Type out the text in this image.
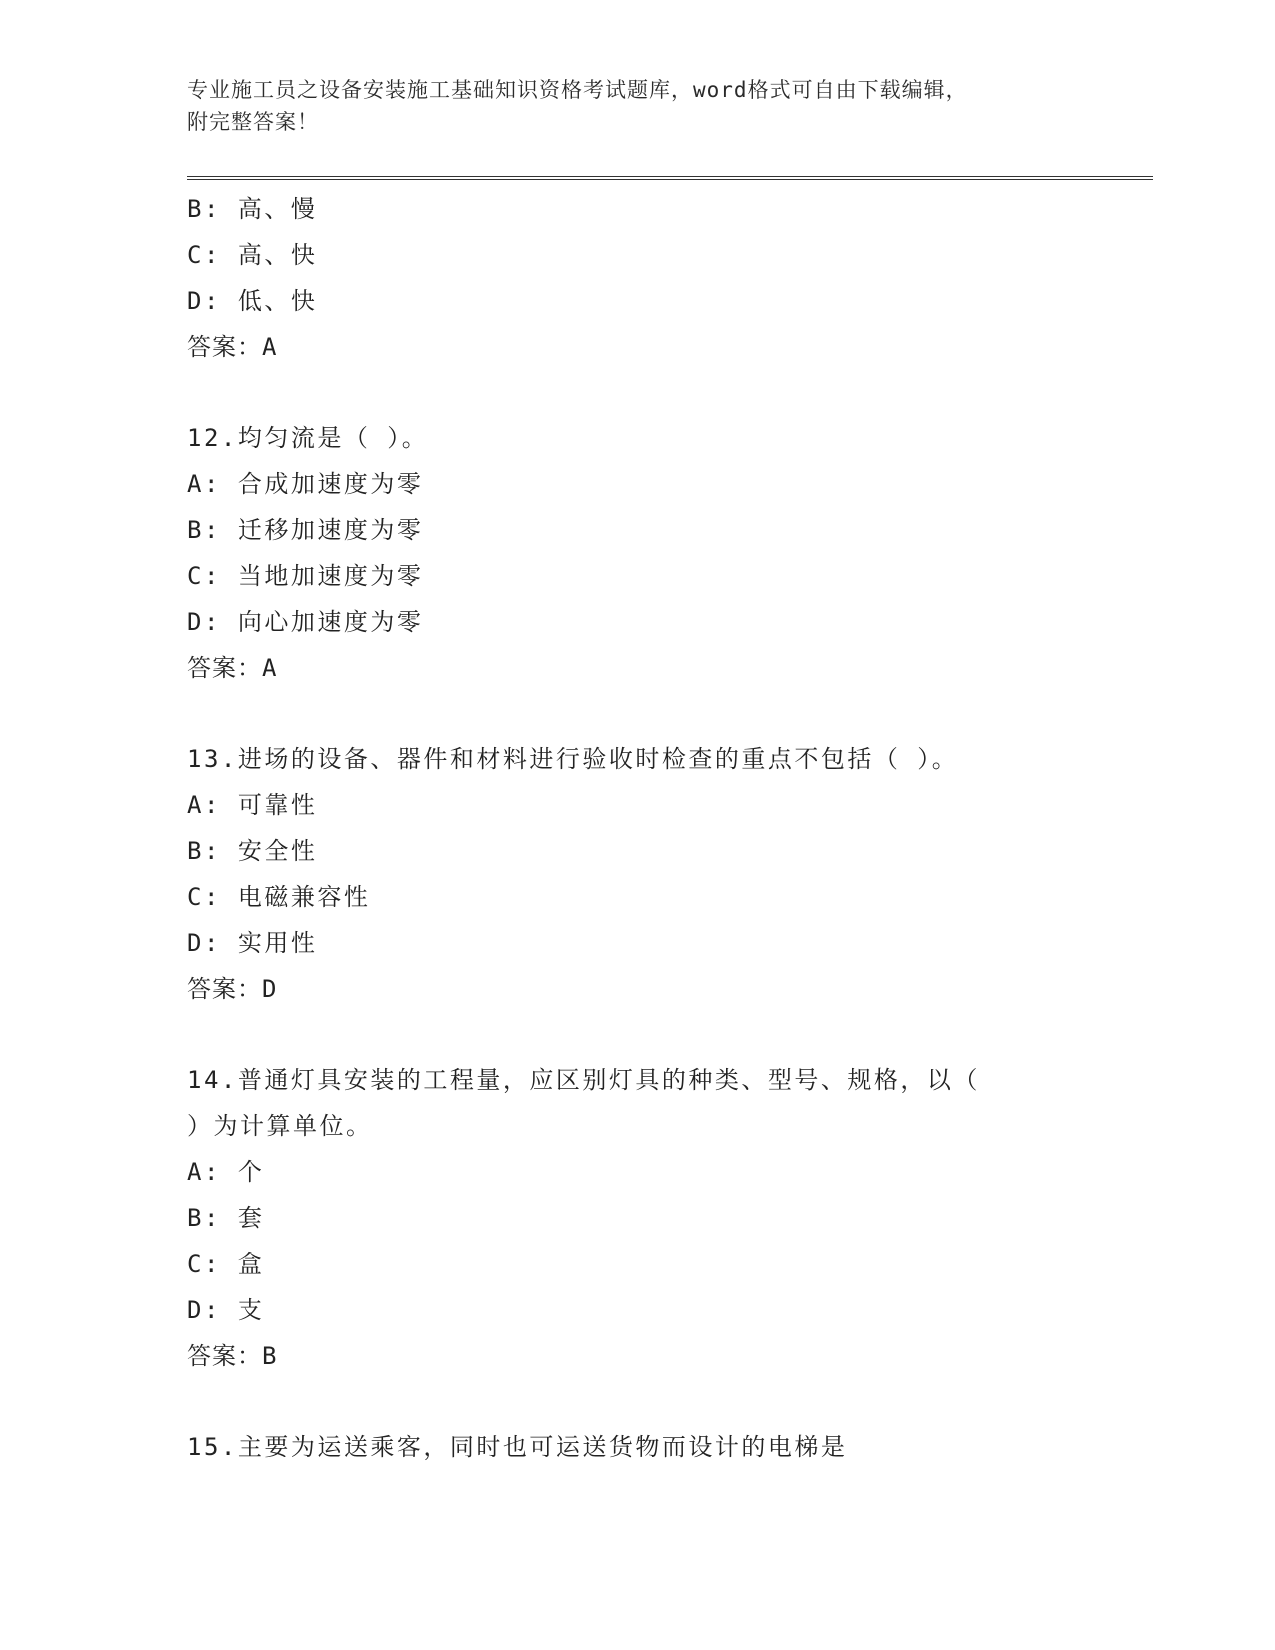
专业施工员之设备安装施工基础知识资格考试题库，word格式可自由下载编辑，
附完整答案！
B: 高、慢
C: 高、快
D: 低、快
答案：A
12.均匀流是（ ）。
A: 合成加速度为零
B: 迁移加速度为零
C: 当地加速度为零
D: 向心加速度为零
答案：A
13.进场的设备、器件和材料进行验收时检查的重点不包括（ ）。
A: 可靠性
B: 安全性
C: 电磁兼容性
D: 实用性
答案：D
14.普通灯具安装的工程量，应区别灯具的种类、型号、规格，以（
）为计算单位。
A: 个
B: 套
C: 盒
D: 支
答案：B
15.主要为运送乘客，同时也可运送货物而设计的电梯是
